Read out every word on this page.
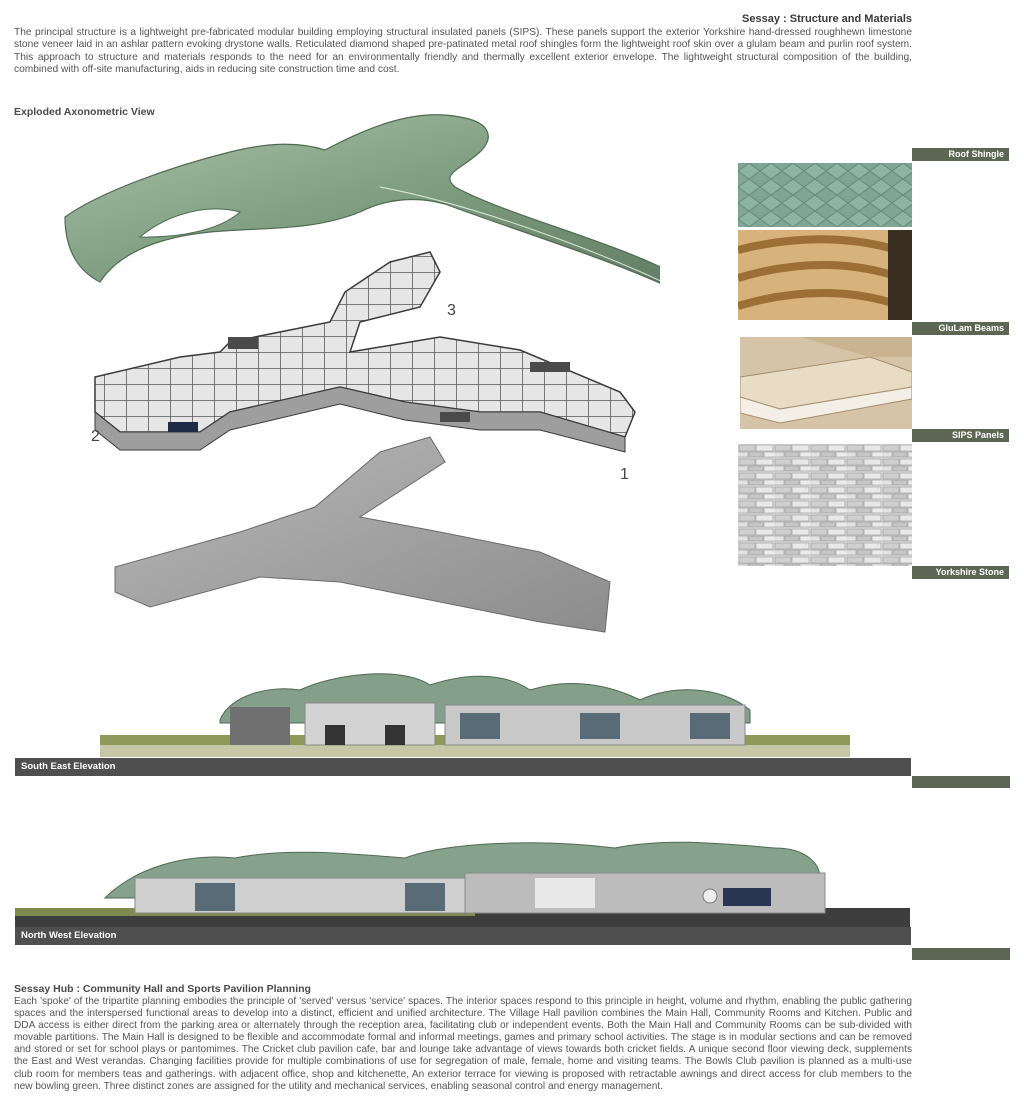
Sessay : Structure and Materials
The principal structure is a lightweight pre-fabricated modular building employing structural insulated panels (SIPS). These panels support the exterior Yorkshire hand-dressed roughhewn limestone stone veneer laid in an ashlar pattern evoking drystone walls. Reticulated diamond shaped pre-patinated metal roof shingles form the lightweight roof skin over a glulam beam and purlin roof system. This approach to structure and materials responds to the need for an environmentally friendly and thermally excellent exterior envelope. The lightweight structural composition of the building, combined with off-site manufacturing, aids in reducing site construction time and cost.
Exploded Axonometric View
3
2
1
Roof Shingle
GluLam Beams
SIPS Panels
Yorkshire Stone
South East Elevation
North West Elevation
Sessay Hub : Community Hall and Sports Pavilion Planning
Each 'spoke' of the tripartite planning embodies the principle of 'served' versus 'service' spaces. The interior spaces respond to this principle in height, volume and rhythm, enabling the public gathering spaces and the interspersed functional areas to develop into a distinct, efficient and unified architecture. The Village Hall pavilion combines the Main Hall, Community Rooms and Kitchen. Public and DDA access is either direct from the parking area or alternately through the reception area, facilitating club or independent events. Both the Main Hall and Community Rooms can be sub-divided with movable partitions. The Main Hall is designed to be flexible and accommodate formal and informal meetings, games and primary school activities. The stage is in modular sections and can be removed and stored or set for school plays or pantomimes. The Cricket club pavilion cafe, bar and lounge take advantage of views towards both cricket fields. A unique second floor viewing deck, supplements the East and West verandas. Changing facilities provide for multiple combinations of use for segregation of male, female, home and visiting teams. The Bowls Club pavilion is planned as a multi-use club room for members teas and gatherings. with adjacent office, shop and kitchenette, An exterior terrace for viewing is proposed with retractable awnings and direct access for club members to the new bowling green. Three distinct zones are assigned for the utility and mechanical services, enabling seasonal control and energy management.
